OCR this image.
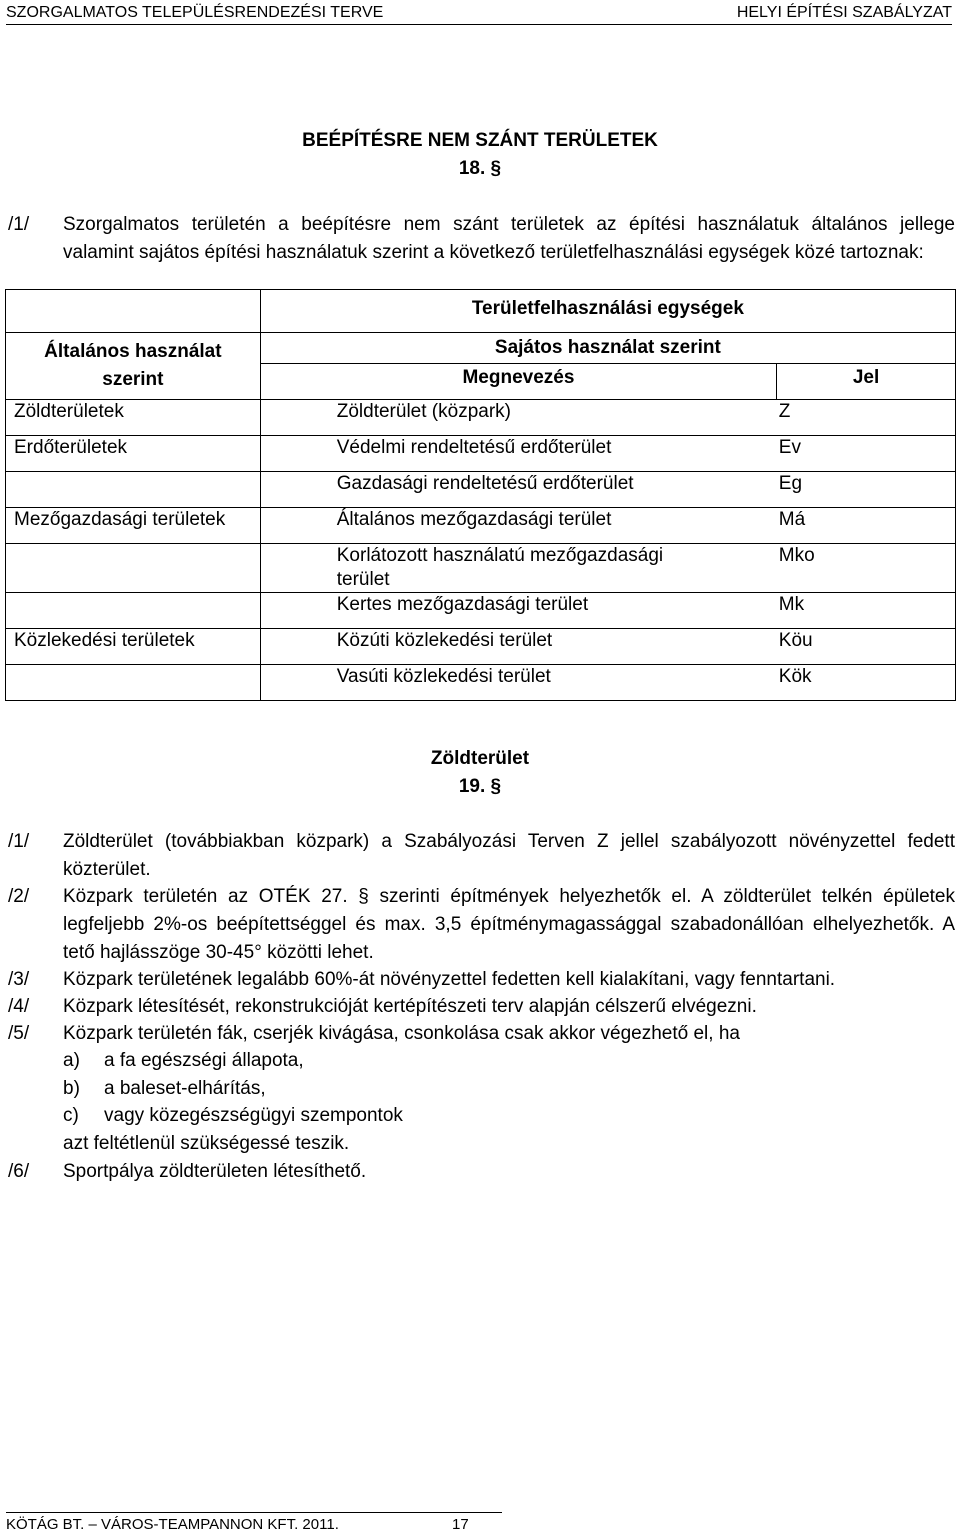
SZORGALMATOS TELEPÜLÉSRENDEZÉSI TERVE	HELYI ÉPÍTÉSI SZABÁLYZAT
BEÉPÍTÉSRE NEM SZÁNT TERÜLETEK
18. §
/1/ Szorgalmatos területén a beépítésre nem szánt területek az építési használatuk általános jellege
valamint sajátos építési használatuk szerint a következő területfelhasználási egységek közé tartoznak:
	Területfelhasználási egységek		
Általános használat
szerint	Sajátos használat szerint		
	Megnevezés		Jel
Zöldterületek	Zöldterület (közpark)	Z	
Erdőterületek	Védelmi rendeltetésű erdőterület	Ev	
	Gazdasági rendeltetésű erdőterület	Eg	
Mezőgazdasági területek	Általános mezőgazdasági terület	Má	
	Korlátozott használatú mezőgazdasági terület	Mko	
	Kertes mezőgazdasági terület	Mk	
Közlekedési területek	Közúti közlekedési terület	Köu	
	Vasúti közlekedési terület	Kök	
Zöldterület
19. §
/1/ Zöldterület (továbbiakban közpark) a Szabályozási Terven Z jellel szabályozott növényzettel fedett
közterület.
/2/ Közpark területén az OTÉK 27. § szerinti építmények helyezhetők el. A zöldterület telkén épületek
legfeljebb 2%-os beépítettséggel és max. 3,5 építménymagassággal szabadonállóan elhelyezhetők. A
tető hajlásszöge 30-45° közötti lehet.
/3/ Közpark területének legalább 60%-át növényzettel fedetten kell kialakítani, vagy fenntartani.
/4/ Közpark létesítését, rekonstrukcióját kertépítészeti terv alapján célszerű elvégezni.
/5/ Közpark területén fák, cserjék kivágása, csonkolása csak akkor végezhető el, ha
a) a fa egészségi állapota,
b) a baleset-elhárítás,
c) vagy közegészségügyi szempontok
azt feltétlenül szükségessé teszik.
/6/ Sportpálya zöldterületen létesíthető.
KÖTÁG BT. – VÁROS-TEAMPANNON KFT. 2011.	17
